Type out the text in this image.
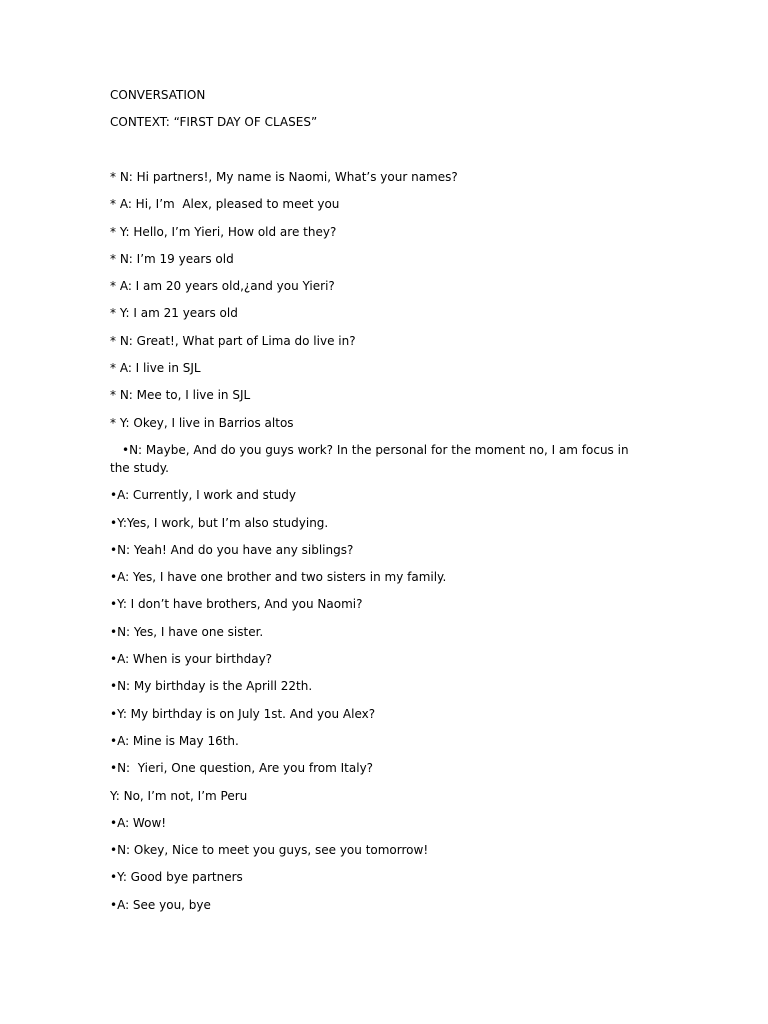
CONVERSATION
CONTEXT: “FIRST DAY OF CLASES”
* N: Hi partners!, My name is Naomi, What’s your names?
* A: Hi, I’m  Alex, pleased to meet you
* Y: Hello, I’m Yieri, How old are they?
* N: I’m 19 years old
* A: I am 20 years old,¿and you Yieri?
* Y: I am 21 years old
* N: Great!, What part of Lima do live in?
* A: I live in SJL
* N: Mee to, I live in SJL
* Y: Okey, I live in Barrios altos
•N: Maybe, And do you guys work? In the personal for the moment no, I am focus in the study.
•A: Currently, I work and study
•Y:Yes, I work, but I’m also studying.
•N: Yeah! And do you have any siblings?
•A: Yes, I have one brother and two sisters in my family.
•Y: I don’t have brothers, And you Naomi?
•N: Yes, I have one sister.
•A: When is your birthday?
•N: My birthday is the Aprill 22th.
•Y: My birthday is on July 1st. And you Alex?
•A: Mine is May 16th.
•N:  Yieri, One question, Are you from Italy?
Y: No, I’m not, I’m Peru
•A: Wow!
•N: Okey, Nice to meet you guys, see you tomorrow!
•Y: Good bye partners
•A: See you, bye
